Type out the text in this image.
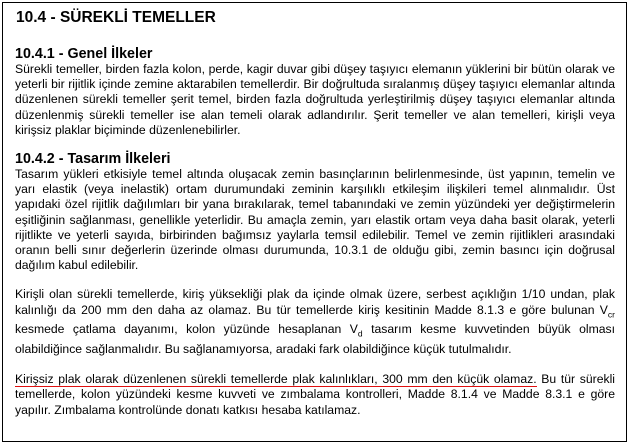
10.4 - SÜREKLİ TEMELLER
10.4.1 - Genel İlkeler

Sürekli temeller, birden fazla kolon, perde, kagir duvar gibi düşey taşıyıcı elemanın yüklerini bir bütün olarak ve yeterli bir rijitlik içinde zemine aktarabilen temellerdir. Bir doğrultuda sıralanmış düşey taşıyıcı elemanlar altında düzenlenen sürekli temeller şerit temel, birden fazla doğrultuda yerleştirilmiş düşey taşıyıcı elemanlar altında düzenlenmiş sürekli temeller ise alan temeli olarak adlandırılır. Şerit temeller ve alan temelleri, kirişli veya kirişsiz plaklar biçiminde düzenlenebilirler.

10.4.2 - Tasarım İlkeleri

Tasarım yükleri etkisiyle temel altında oluşacak zemin basınçlarının belirlenmesinde, üst yapının, temelin ve yarı elastik (veya inelastik) ortam durumundaki zeminin karşılıklı etkileşim ilişkileri temel alınmalıdır. Üst yapıdaki özel rijitlik dağılımları bir yana bırakılarak, temel tabanındaki ve zemin yüzündeki yer değiştirmelerin eşitliğinin sağlanması, genellikle yeterlidir. Bu amaçla zemin, yarı elastik ortam veya daha basit olarak, yeterli rijitlikte ve yeterli sayıda, birbirinden bağımsız yaylarla temsil edilebilir. Temel ve zemin rijitlikleri arasındaki oranın belli sınır değerlerin üzerinde olması durumunda, 10.3.1 de olduğu gibi, zemin basıncı için doğrusal dağılım kabul edilebilir.

Kirişli olan sürekli temellerde, kiriş yüksekliği plak da içinde olmak üzere, serbest açıklığın 1/10 undan, plak kalınlığı da 200 mm den daha az olamaz. Bu tür temellerde kiriş kesitinin Madde 8.1.3 e göre bulunan $V_{cr}$ kesmede çatlama dayanımı, kolon yüzünde hesaplanan $V_d$ tasarım kesme kuvvetinden büyük olması olabildiğince sağlanmalıdır. Bu sağlanamıyorsa, aradaki fark olabildiğince küçük tutulmalıdır.

Kirişsiz plak olarak düzenlenen sürekli temellerde plak kalınlıkları, 300 mm den küçük olamaz. Bu tür sürekli temellerde, kolon yüzündeki kesme kuvveti ve zımbalama kontrolleri, Madde 8.1.4 ve Madde 8.3.1 e göre yapılır. Zımbalama kontrolünde donatı katkısı hesaba katılamaz.
